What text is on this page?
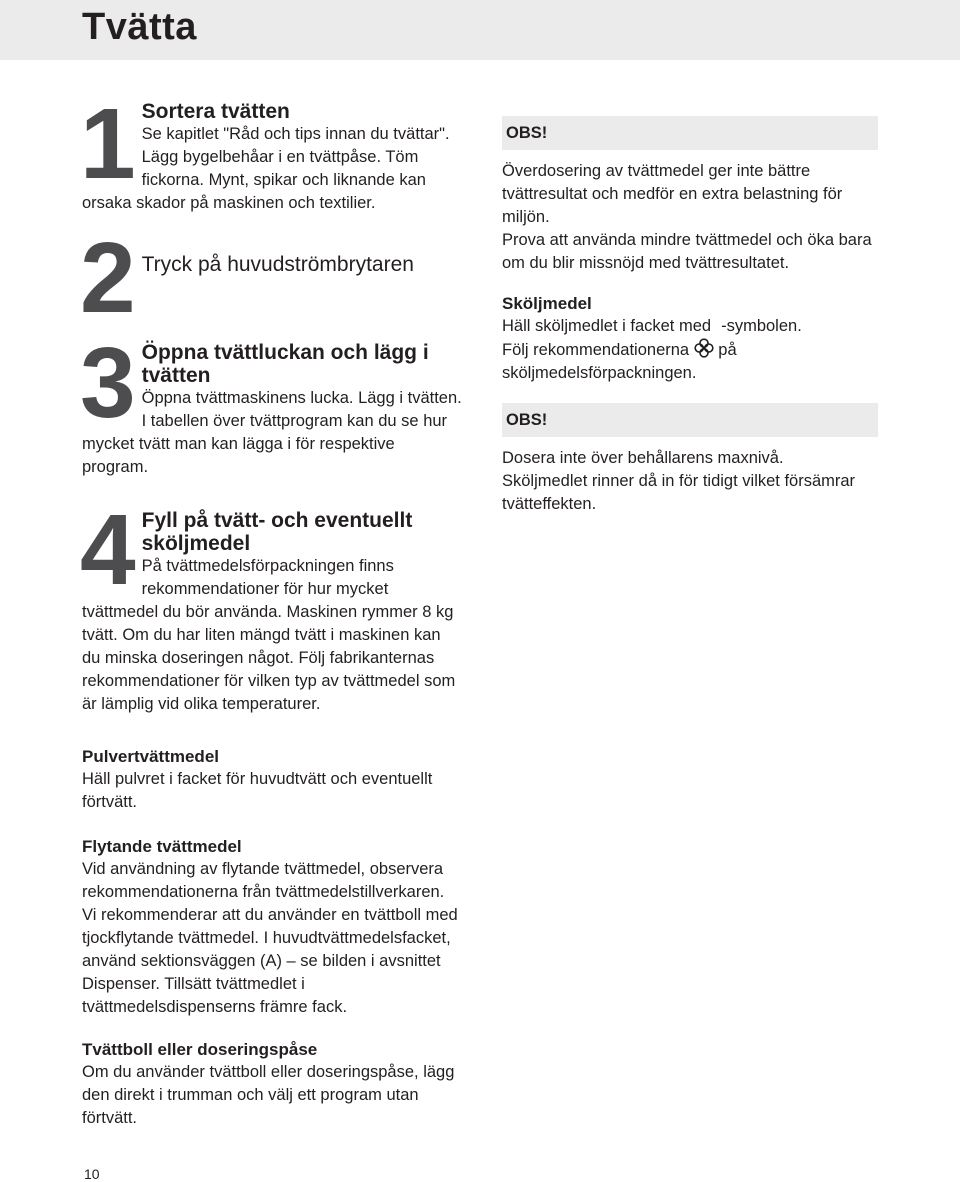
Tvätta
1 Sortera tvätten

Se kapitlet "Råd och tips innan du tvättar". Lägg bygelbehåar i en tvättpåse. Töm fickorna. Mynt, spikar och liknande kan orsaka skador på maskinen och textilier.

2 Tryck på huvudströmbrytaren
3 Öppna tvättluckan och lägg i tvätten

Öppna tvättmaskinens lucka. Lägg i tvätten. I tabellen över tvättprogram kan du se hur mycket tvätt man kan lägga i för respektive program.

4 Fyll på tvätt- och eventuellt sköljmedel

På tvättmedelsförpackningen finns rekommendationer för hur mycket tvättmedel du bör använda. Maskinen rymmer 8 kg tvätt. Om du har liten mängd tvätt i maskinen kan du minska doseringen något. Följ fabrikanternas rekommendationer för vilken typ av tvättmedel som är lämplig vid olika temperaturer.

Pulvertvättmedel

Häll pulvret i facket för huvudtvätt och eventuellt förtvätt.

Flytande tvättmedel

Vid användning av flytande tvättmedel, observera rekommendationerna från tvättmedelstillverkaren. Vi rekommenderar att du använder en tvättboll med tjockflytande tvättmedel. I huvudtvättmedelsfacket, använd sektionsväggen (A) – se bilden i avsnittet Dispenser. Tillsätt tvättmedlet i tvättmedelsdispenserns främre fack.

Tvättboll eller doseringspåse

Om du använder tvättboll eller doseringspåse, lägg den direkt i trumman och välj ett program utan förtvätt.

OBS!

Överdosering av tvättmedel ger inte bättre tvättresultat och medför en extra belastning för miljön.

Prova att använda mindre tvättmedel och öka bara om du blir missnöjd med tvättresultatet.

Sköljmedel

Häll sköljmedlet i facket med -symbolen.

Följ rekommendationerna på sköljmedelsförpackningen.

OBS!

Dosera inte över behållarens maxnivå.

Sköljmedlet rinner då in för tidigt vilket försämrar tvätteffekten.

10
